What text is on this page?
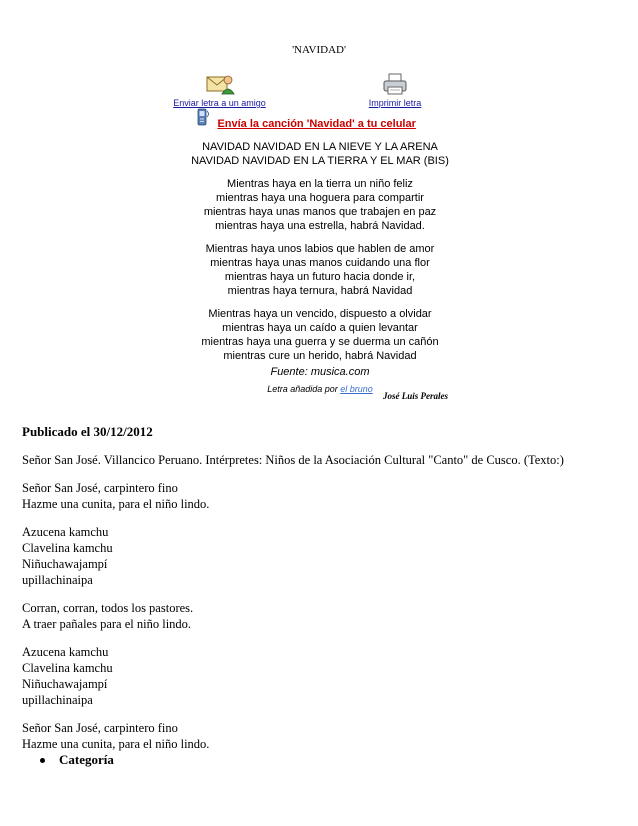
'NAVIDAD'
Enviar letra a un amigo	Imprimir letra
$_{Envía la canción 'Navidad' a tu celular}$
NAVIDAD NAVIDAD EN LA NIEVE Y LA ARENA
NAVIDAD NAVIDAD EN LA TIERRA Y EL MAR (BIS)
Mientras haya en la tierra un niño feliz
mientras haya una hoguera para compartir
mientras haya unas manos que trabajen en paz
mientras haya una estrella, habrá Navidad.
Mientras haya unos labios que hablen de amor
mientras haya unas manos cuidando una flor
mientras haya un futuro hacia donde ir,
mientras haya ternura, habrá Navidad
Mientras haya un vencido, dispuesto a olvidar
mientras haya un caído a quien levantar
mientras haya una guerra y se duerma un cañón
mientras cure un herido, habrá Navidad
Fuente: musica.com
Letra añadida por el bruno
José Luis Perales

Publicado el 30/12/2012

Señor San José. Villancico Peruano. Intérpretes: Niños de la Asociación Cultural "Canto" de Cusco. (Texto:)

Señor San José, carpintero fino
Hazme una cunita, para el niño lindo.

Azucena kamchu
Clavelina kamchu
Niñuchawajampí
upillachinaipa

Corran, corran, todos los pastores.
A traer pañales para el niño lindo.

Azucena kamchu
Clavelina kamchu
Niñuchawajampí
upillachinaipa

Señor San José, carpintero fino
Hazme una cunita, para el niño lindo.

Categoría
